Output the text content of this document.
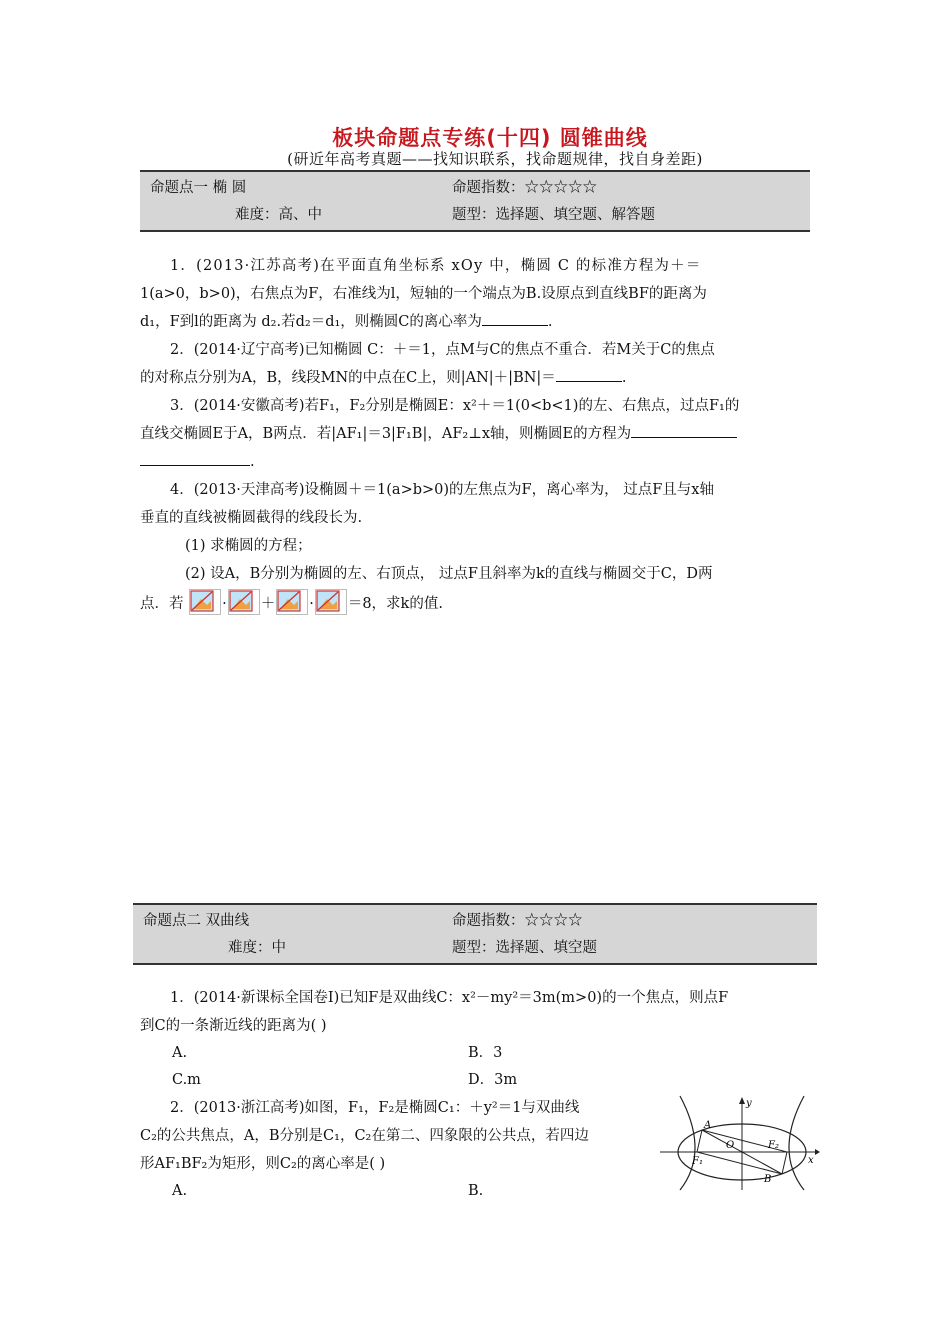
板块命题点专练(十四) 圆锥曲线
(研近年高考真题——找知识联系，找命题规律，找自身差距)
命题点一 椭 圆	命题指数：☆☆☆☆☆
难度：高、中	题型：选择题、填空题、解答题
1．(2013·江苏高考)在平面直角坐标系 xOy 中，椭圆 C 的标准方程为＋＝
1(a>0，b>0)，右焦点为F，右准线为l，短轴的一个端点为B.设原点到直线BF的距离为
d₁，F到l的距离为 d₂.若d₂＝d₁，则椭圆C的离心率为	.
2．(2014·辽宁高考)已知椭圆 C：＋＝1，点M与C的焦点不重合．若M关于C的焦点
的对称点分别为A，B，线段MN的中点在C上，则|AN|＋|BN|＝	.
3．(2014·安徽高考)若F₁，F₂分别是椭圆E：x²＋＝1(0<b<1)的左、右焦点，过点F₁的
直线交椭圆E于A，B两点．若|AF₁|＝3|F₁B|，AF₂⊥x轴，则椭圆E的方程为
.
4．(2013·天津高考)设椭圆＋＝1(a>b>0)的左焦点为F，离心率为， 过点F且与x轴
垂直的直线被椭圆截得的线段长为.
(1) 求椭圆的方程；
(2) 设A，B分别为椭圆的左、右顶点， 过点F且斜率为k的直线与椭圆交于C，D两
点．若	· ＋ · ＝8，求k的值.
命题点二 双曲线	命题指数：☆☆☆☆
难度：中	题型：选择题、填空题
1．(2014·新课标全国卷Ⅰ)已知F是双曲线C：x²－my²＝3m(m>0)的一个焦点，则点F
到C的一条渐近线的距离为( )
A.	B．3
C.m	D．3m
2．(2013·浙江高考)如图，F₁，F₂是椭圆C₁：＋y²＝1与双曲线
C₂的公共焦点，A，B分别是C₁，C₂在第二、四象限的公共点，若四边
形AF₁BF₂为矩形，则C₂的离心率是( )
A.	B.
y
x
A
O
F₁
F₂
B
